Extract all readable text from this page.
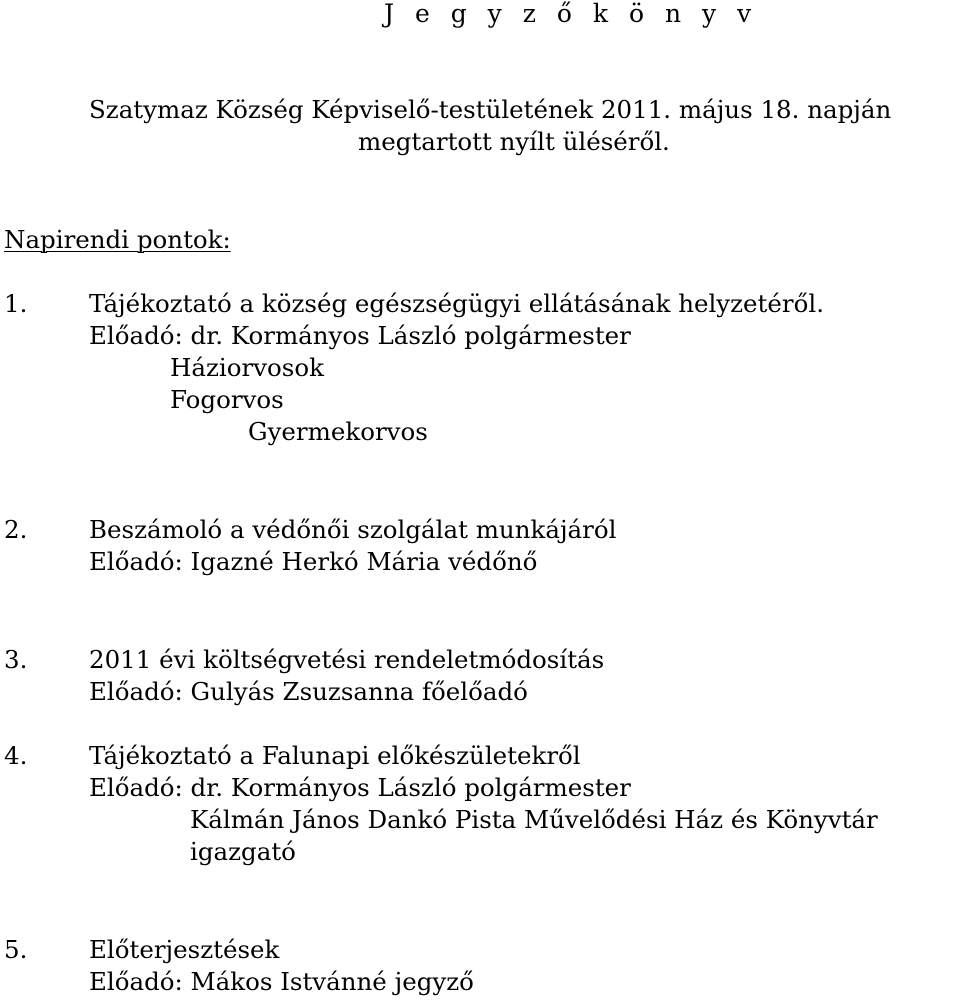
J e g y z ő k ö n y v
Szatymaz Község Képviselő-testületének 2011. május 18. napján
megtartott nyílt üléséről.
Napirendi pontok:
1.	Tájékoztató a község egészségügyi ellátásának helyzetéről.
Előadó: dr. Kormányos László polgármester
Háziorvosok
Fogorvos
Gyermekorvos
2.	Beszámoló a védőnői szolgálat munkájáról
Előadó: Igazné Herkó Mária védőnő
3.	2011 évi költségvetési rendeletmódosítás
Előadó: Gulyás Zsuzsanna főelőadó
4.	Tájékoztató a Falunapi előkészületekről
Előadó: dr. Kormányos László polgármester
Kálmán János Dankó Pista Művelődési Ház és Könyvtár
igazgató
5.	Előterjesztések
Előadó: Mákos Istvánné jegyző
